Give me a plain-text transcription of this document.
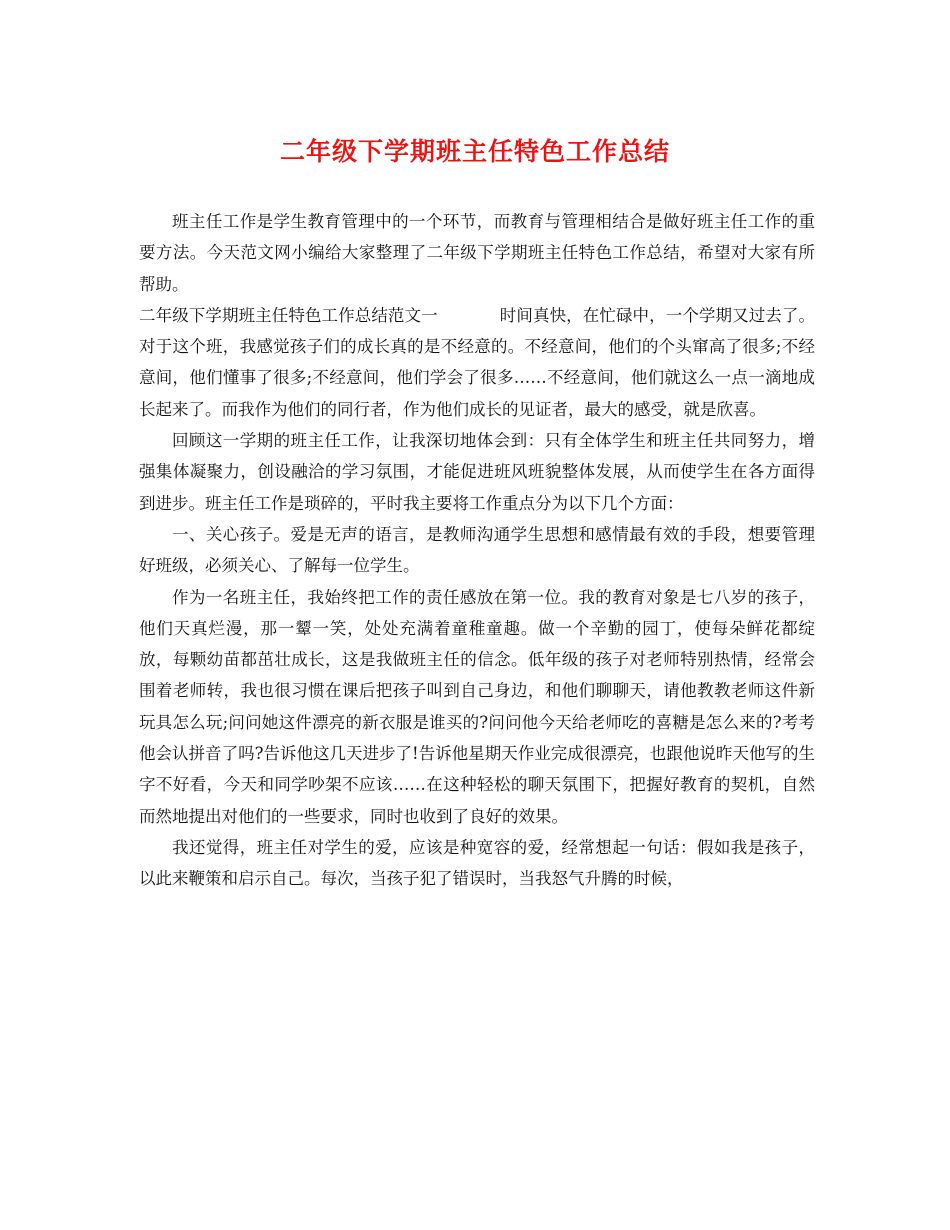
二年级下学期班主任特色工作总结

班主任工作是学生教育管理中的一个环节，而教育与管理相结合是做好班主任工作的重要方法。今天范文网小编给大家整理了二年级下学期班主任特色工作总结，希望对大家有所帮助。

二年级下学期班主任特色工作总结范文一	时间真快，在忙碌中，一个学期又过去了。对于这个班，我感觉孩子们的成长真的是不经意的。不经意间，他们的个头窜高了很多;不经意间，他们懂事了很多;不经意间，他们学会了很多……不经意间，他们就这么一点一滴地成长起来了。而我作为他们的同行者，作为他们成长的见证者，最大的感受，就是欣喜。

回顾这一学期的班主任工作，让我深切地体会到：只有全体学生和班主任共同努力，增强集体凝聚力，创设融洽的学习氛围，才能促进班风班貌整体发展，从而使学生在各方面得到进步。班主任工作是琐碎的，平时我主要将工作重点分为以下几个方面：

一、关心孩子。爱是无声的语言，是教师沟通学生思想和感情最有效的手段，想要管理好班级，必须关心、了解每一位学生。

作为一名班主任，我始终把工作的责任感放在第一位。我的教育对象是七八岁的孩子，他们天真烂漫，那一颦一笑，处处充满着童稚童趣。做一个辛勤的园丁，使每朵鲜花都绽放，每颗幼苗都茁壮成长，这是我做班主任的信念。低年级的孩子对老师特别热情，经常会围着老师转，我也很习惯在课后把孩子叫到自己身边，和他们聊聊天，请他教教老师这件新玩具怎么玩;问问她这件漂亮的新衣服是谁买的?问问他今天给老师吃的喜糖是怎么来的?考考他会认拼音了吗?告诉他这几天进步了!告诉他星期天作业完成很漂亮，也跟他说昨天他写的生字不好看，今天和同学吵架不应该……在这种轻松的聊天氛围下，把握好教育的契机，自然而然地提出对他们的一些要求，同时也收到了良好的效果。

我还觉得，班主任对学生的爱，应该是种宽容的爱，经常想起一句话：假如我是孩子，以此来鞭策和启示自己。每次，当孩子犯了错误时，当我怒气升腾的时候，
